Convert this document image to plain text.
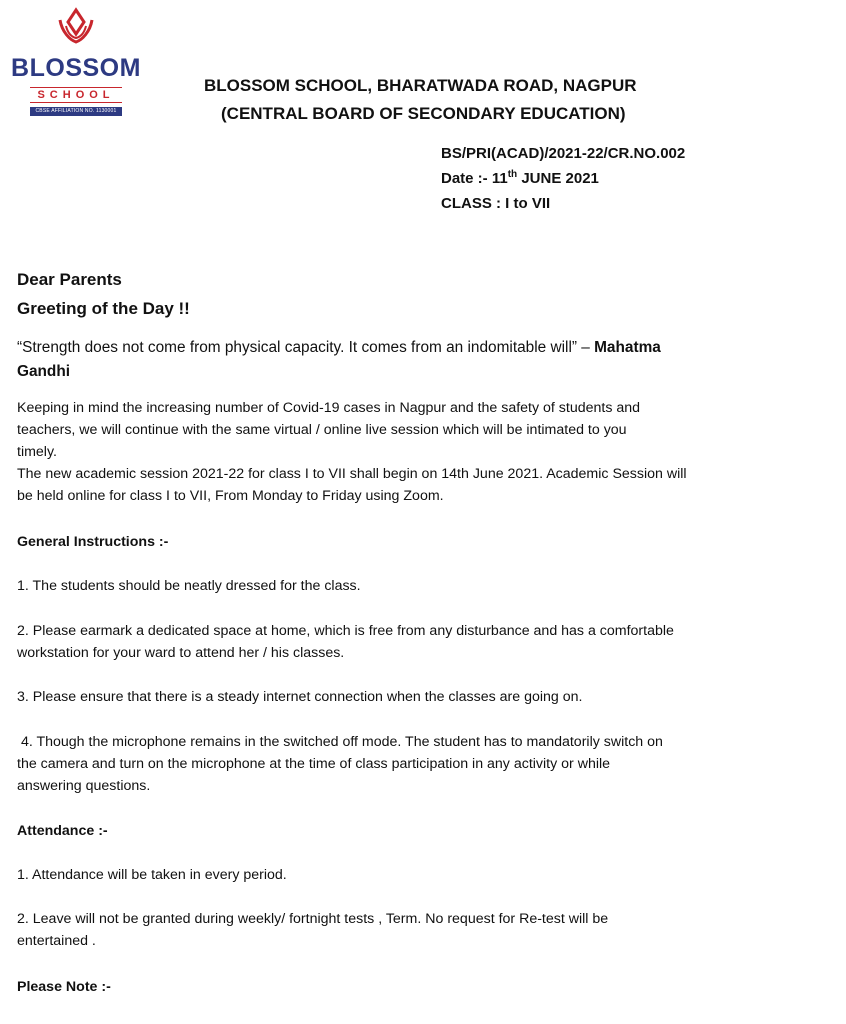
BLOSSOM
SCHOOL
CBSE AFFILIATION NO. 1130001
BLOSSOM SCHOOL, BHARATWADA ROAD, NAGPUR
(CENTRAL BOARD OF SECONDARY EDUCATION)
BS/PRI(ACAD)/2021-22/CR.NO.002
Date :- 11th JUNE 2021
CLASS : I to VII
Dear Parents
Greeting of the Day !!
“Strength does not come from physical capacity. It comes from an indomitable will” – Mahatma
Gandhi
Keeping in mind the increasing number of Covid-19 cases in Nagpur and the safety of students and
teachers, we will continue with the same virtual / online live session which will be intimated to you
timely.
The new academic session 2021-22 for class I to VII shall begin on 14th June 2021. Academic Session will
be held online for class I to VII, From Monday to Friday using Zoom.
General Instructions :-
1. The students should be neatly dressed for the class.
2. Please earmark a dedicated space at home, which is free from any disturbance and has a comfortable
workstation for your ward to attend her / his classes.
3. Please ensure that there is a steady internet connection when the classes are going on.
4. Though the microphone remains in the switched off mode. The student has to mandatorily switch on
the camera and turn on the microphone at the time of class participation in any activity or while
answering questions.
Attendance :-
1. Attendance will be taken in every period.
2. Leave will not be granted during weekly/ fortnight tests , Term. No request for Re-test will be
entertained .
Please Note :-
